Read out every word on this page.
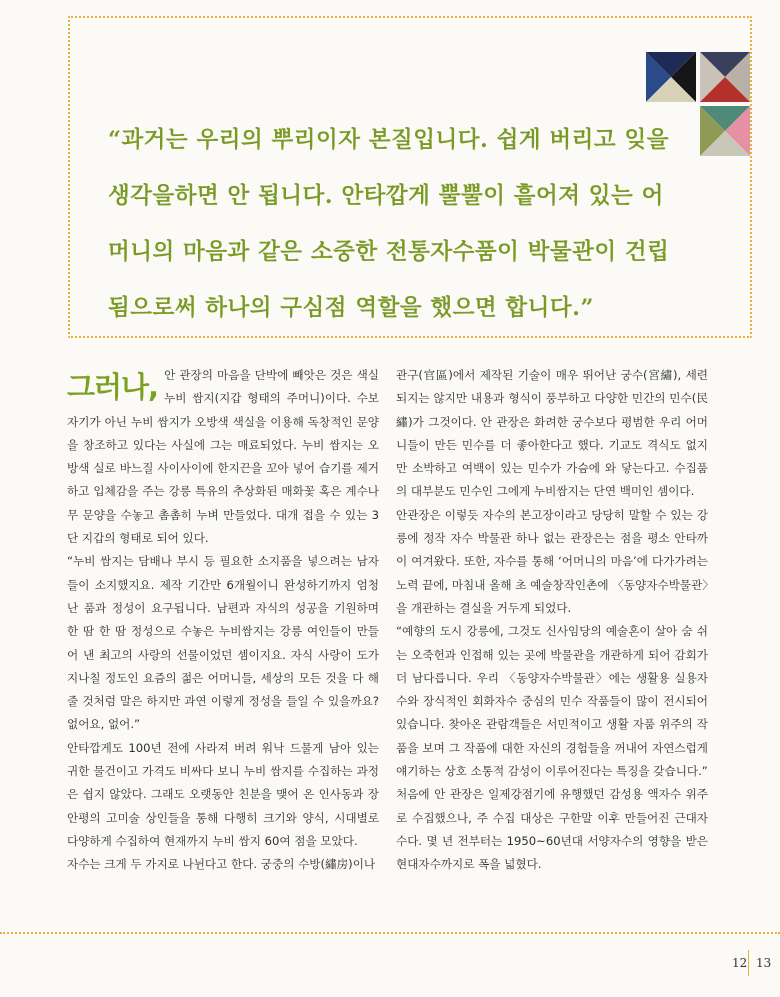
“과거는 우리의 뿌리이자 본질입니다. 쉽게 버리고 잊을

생각을하면 안 됩니다. 안타깝게 뿔뿔이 흩어져 있는 어

머니의 마음과 같은 소중한 전통자수품이 박물관이 건립

됨으로써 하나의 구심점 역할을 했으면 합니다.”

그러나, 안 관장의 마음을 단박에 빼앗은 것은 색실 누비 쌈지(지갑 형태의 주머니)이다. 수보자기가 아닌 누비 쌈지가 오방색 색실을 이용해 독창적인 문양을 창조하고 있다는 사실에 그는 매료되었다. 누비 쌈지는 오방색 실로 바느질 사이사이에 한지끈을 꼬아 넣어 습기를 제거하고 입체감을 주는 강릉 특유의 추상화된 매화꽃 혹은 계수나무 문양을 수놓고 촘촘히 누벼 만들었다. 대개 접을 수 있는 3단 지갑의 형태로 되어 있다.

“누비 쌈지는 담배나 부시 등 필요한 소지품을 넣으려는 남자들이 소지했지요. 제작 기간만 6개월이니 완성하기까지 엄청난 품과 정성이 요구됩니다. 남편과 자식의 성공을 기원하며 한 땀 한 땀 정성으로 수놓은 누비쌈지는 강릉 여인들이 만들어 낸 최고의 사랑의 선물이었던 셈이지요. 자식 사랑이 도가 지나칠 정도인 요즘의 젊은 어머니들, 세상의 모든 것을 다 해줄 것처럼 말은 하지만 과연 이렇게 정성을 들일 수 있을까요? 없어요, 없어.”

안타깝게도 100년 전에 사라져 버려 워낙 드물게 남아 있는 귀한 물건이고 가격도 비싸다 보니 누비 쌈지를 수집하는 과정은 쉽지 않았다. 그래도 오랫동안 친분을 맺어 온 인사동과 장안평의 고미술 상인들을 통해 다행히 크기와 양식, 시대별로 다양하게 수집하여 현재까지 누비 쌈지 60여 점을 모았다.

자수는 크게 두 가지로 나뉜다고 한다. 궁중의 수방(繡房)이나

관구(官區)에서 제작된 기술이 매우 뛰어난 궁수(宮繡), 세련되지는 않지만 내용과 형식이 풍부하고 다양한 민간의 민수(民繡)가 그것이다. 안 관장은 화려한 궁수보다 평범한 우리 어머니들이 만든 민수를 더 좋아한다고 했다. 기교도 격식도 없지만 소박하고 여백이 있는 민수가 가슴에 와 닿는다고. 수집품의 대부분도 민수인 그에게 누비쌈지는 단연 백미인 셈이다.

안관장은 이렇듯 자수의 본고장이라고 당당히 말할 수 있는 강릉에 정작 자수 박물관 하나 없는 관장은는 점을 평소 안타까이 여겨왔다. 또한, 자수를 통해 ‘어머니의 마음’에 다가가려는 노력 끝에, 마침내 올해 초 예술창작인촌에 〈동양자수박물관〉을 개관하는 결실을 거두게 되었다.

“예향의 도시 강릉에, 그것도 신사임당의 예술혼이 살아 숨 쉬는 오죽헌과 인접해 있는 곳에 박물관을 개관하게 되어 감회가 더 남다릅니다. 우리 〈동양자수박물관〉에는 생활용 실용자수와 장식적인 회화자수 중심의 민수 작품들이 많이 전시되어 있습니다. 찾아온 관람객들은 서민적이고 생활 자품 위주의 작품을 보며 그 작품에 대한 자신의 경험들을 꺼내어 자연스럽게 얘기하는 상호 소통적 감성이 이루어진다는 특징을 갖습니다.”

처음에 안 관장은 일제강점기에 유행했던 감성용 액자수 위주로 수집했으나, 주 수집 대상은 구한말 이후 만들어진 근대자수다. 몇 년 전부터는 1950~60년대 서양자수의 영향을 받은 현대자수까지로 폭을 넓혔다.

12 13
